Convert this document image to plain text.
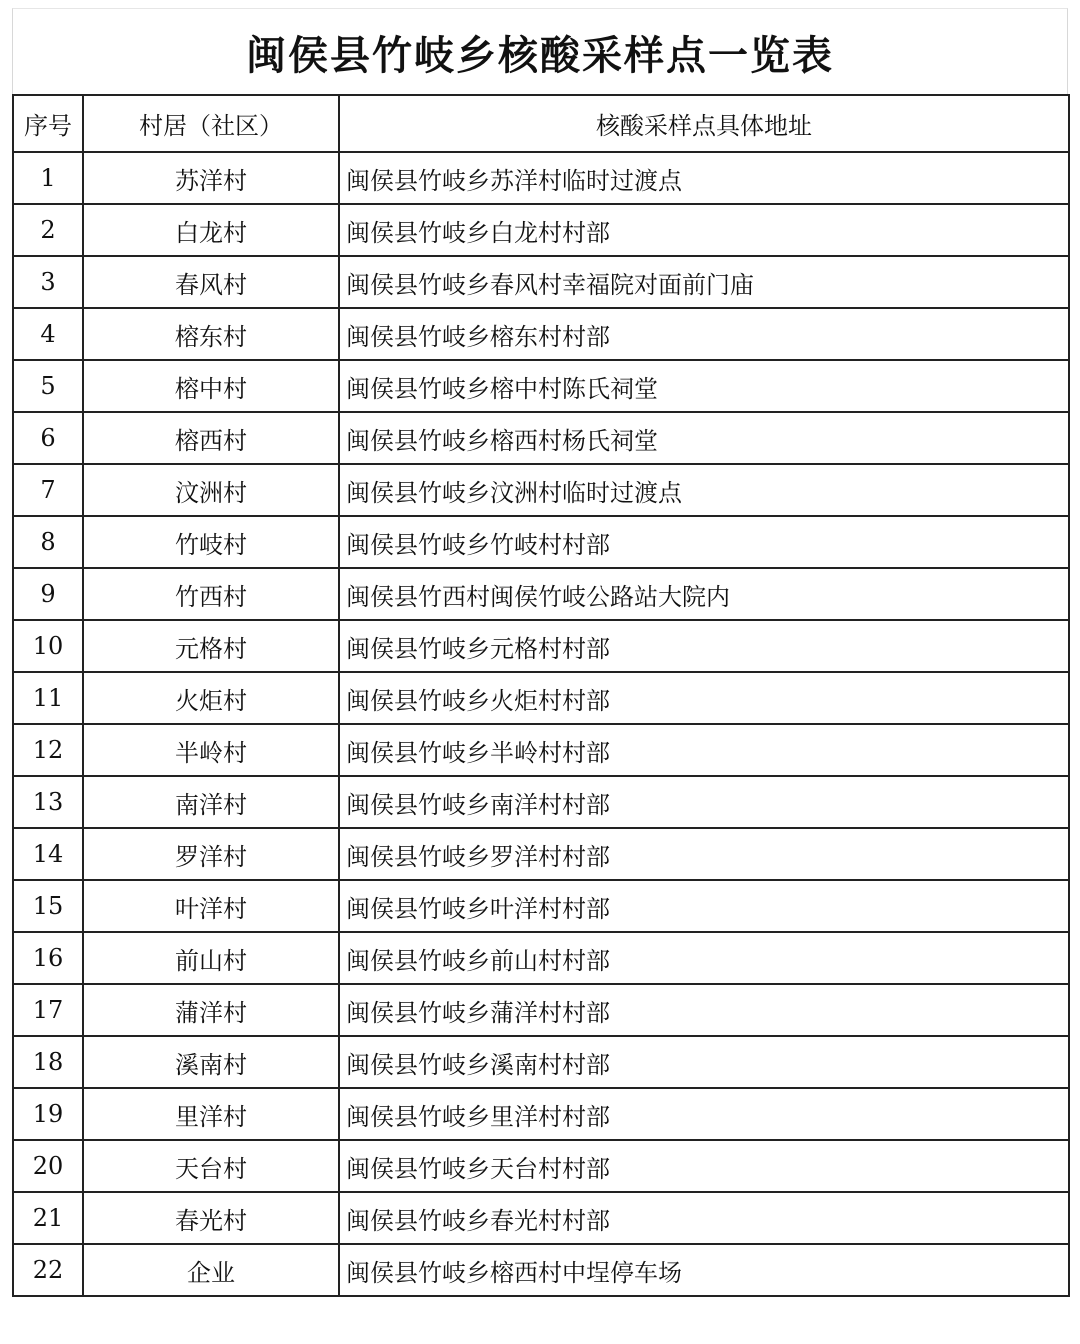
闽侯县竹岐乡核酸采样点一览表
序号	村居（社区）	核酸采样点具体地址
1	苏洋村	闽侯县竹岐乡苏洋村临时过渡点
2	白龙村	闽侯县竹岐乡白龙村村部
3	春风村	闽侯县竹岐乡春风村幸福院对面前门庙
4	榕东村	闽侯县竹岐乡榕东村村部
5	榕中村	闽侯县竹岐乡榕中村陈氏祠堂
6	榕西村	闽侯县竹岐乡榕西村杨氏祠堂
7	汶洲村	闽侯县竹岐乡汶洲村临时过渡点
8	竹岐村	闽侯县竹岐乡竹岐村村部
9	竹西村	闽侯县竹西村闽侯竹岐公路站大院内
10	元格村	闽侯县竹岐乡元格村村部
11	火炬村	闽侯县竹岐乡火炬村村部
12	半岭村	闽侯县竹岐乡半岭村村部
13	南洋村	闽侯县竹岐乡南洋村村部
14	罗洋村	闽侯县竹岐乡罗洋村村部
15	叶洋村	闽侯县竹岐乡叶洋村村部
16	前山村	闽侯县竹岐乡前山村村部
17	蒲洋村	闽侯县竹岐乡蒲洋村村部
18	溪南村	闽侯县竹岐乡溪南村村部
19	里洋村	闽侯县竹岐乡里洋村村部
20	天台村	闽侯县竹岐乡天台村村部
21	春光村	闽侯县竹岐乡春光村村部
22	企业	闽侯县竹岐乡榕西村中埕停车场
